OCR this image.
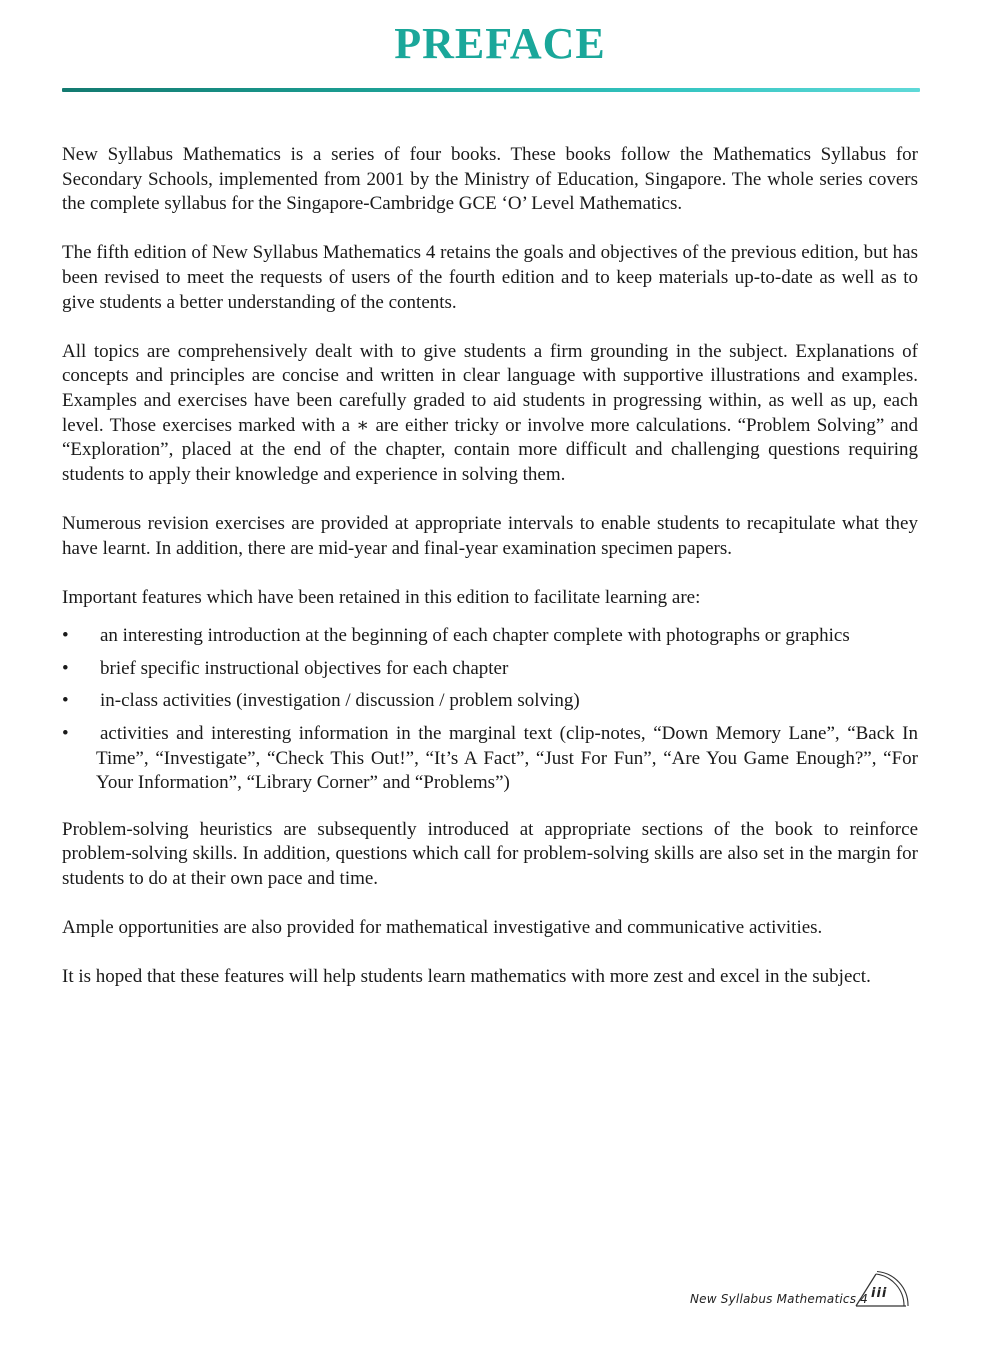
PREFACE

New Syllabus Mathematics is a series of four books. These books follow the Mathematics Syllabus for Secondary Schools, implemented from 2001 by the Ministry of Education, Singapore. The whole series covers the complete syllabus for the Singapore-Cambridge GCE ‘O’ Level Mathematics.

The fifth edition of New Syllabus Mathematics 4 retains the goals and objectives of the previous edition, but has been revised to meet the requests of users of the fourth edition and to keep materials up-to-date as well as to give students a better understanding of the contents.

All topics are comprehensively dealt with to give students a firm grounding in the subject. Explanations of concepts and principles are concise and written in clear language with supportive illustrations and examples. Examples and exercises have been carefully graded to aid students in progressing within, as well as up, each level. Those exercises marked with a ∗ are either tricky or involve more calculations. “Problem Solving” and “Exploration”, placed at the end of the chapter, contain more difficult and challenging questions requiring students to apply their knowledge and experience in solving them.

Numerous revision exercises are provided at appropriate intervals to enable students to recapitulate what they have learnt. In addition, there are mid-year and final-year examination specimen papers.

Important features which have been retained in this edition to facilitate learning are:

• an interesting introduction at the beginning of each chapter complete with photographs or graphics
• brief specific instructional objectives for each chapter
• in-class activities (investigation / discussion / problem solving)
• activities and interesting information in the marginal text (clip-notes, “Down Memory Lane”, “Back In Time”, “Investigate”, “Check This Out!”, “It’s A Fact”, “Just For Fun”, “Are You Game Enough?”, “For Your Information”, “Library Corner” and “Problems”)

Problem-solving heuristics are subsequently introduced at appropriate sections of the book to reinforce problem-solving skills. In addition, questions which call for problem-solving skills are also set in the margin for students to do at their own pace and time.

Ample opportunities are also provided for mathematical investigative and communicative activities.

It is hoped that these features will help students learn mathematics with more zest and excel in the subject.

New Syllabus Mathematics 4 iii
